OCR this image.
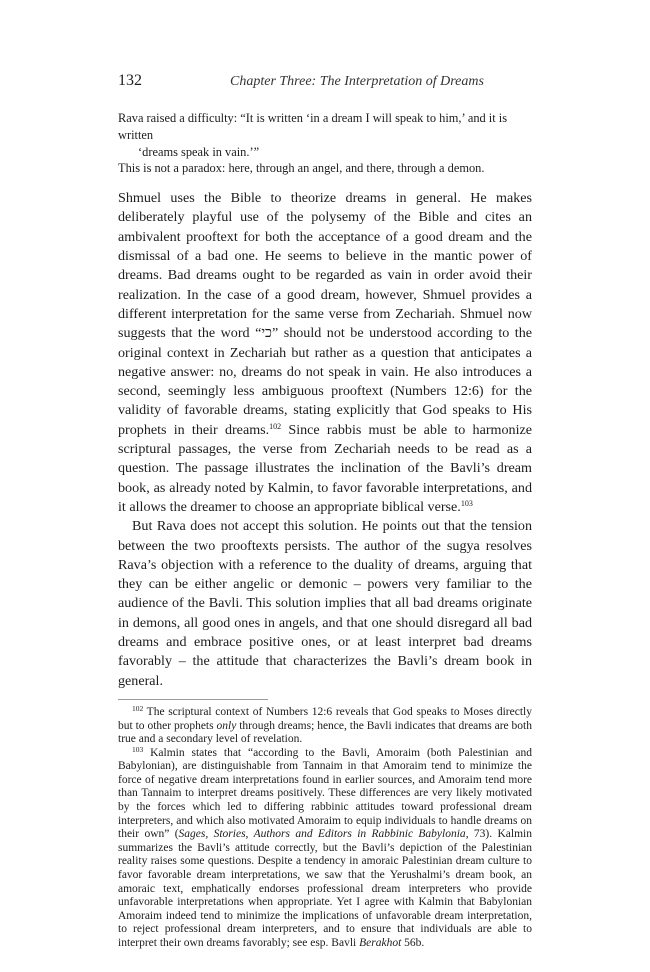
132	Chapter Three: The Interpretation of Dreams

Rava raised a difficulty: “It is written ‘in a dream I will speak to him,’ and it is written

‘dreams speak in vain.’”

This is not a paradox: here, through an angel, and there, through a demon.

Shmuel uses the Bible to theorize dreams in general. He makes deliberately playful use of the polysemy of the Bible and cites an ambivalent prooftext for both the acceptance of a good dream and the dismissal of a bad one. He seems to believe in the mantic power of dreams. Bad dreams ought to be regarded as vain in order avoid their realization. In the case of a good dream, however, Shmuel provides a different interpretation for the same verse from Zechariah. Shmuel now suggests that the word “כי” should not be understood according to the original context in Zechariah but rather as a question that anticipates a negative answer: no, dreams do not speak in vain. He also introduces a second, seemingly less ambiguous prooftext (Numbers 12:6) for the validity of favorable dreams, stating explicitly that God speaks to His prophets in their dreams.$^{102}$ Since rabbis must be able to harmonize scriptural passages, the verse from Zechariah needs to be read as a question. The passage illustrates the inclination of the Bavli’s dream book, as already noted by Kalmin, to favor favorable interpretations, and it allows the dreamer to choose an appropriate biblical verse.$^{103}$

But Rava does not accept this solution. He points out that the tension between the two prooftexts persists. The author of the sugya resolves Rava’s objection with a reference to the duality of dreams, arguing that they can be either angelic or demonic – powers very familiar to the audience of the Bavli. This solution implies that all bad dreams originate in demons, all good ones in angels, and that one should disregard all bad dreams and embrace positive ones, or at least interpret bad dreams favorably – the attitude that characterizes the Bavli’s dream book in general.

$^{102}$ The scriptural context of Numbers 12:6 reveals that God speaks to Moses directly but to other prophets only through dreams; hence, the Bavli indicates that dreams are both true and a secondary level of revelation.

$^{103}$ Kalmin states that “according to the Bavli, Amoraim (both Palestinian and Babylonian), are distinguishable from Tannaim in that Amoraim tend to minimize the force of negative dream interpretations found in earlier sources, and Amoraim tend more than Tannaim to interpret dreams positively. These differences are very likely motivated by the forces which led to differing rabbinic attitudes toward professional dream interpreters, and which also motivated Amoraim to equip individuals to handle dreams on their own” (Sages, Stories, Authors and Editors in Rabbinic Babylonia, 73). Kalmin summarizes the Bavli’s attitude correctly, but the Bavli’s depiction of the Palestinian reality raises some questions. Despite a tendency in amoraic Palestinian dream culture to favor favorable dream interpretations, we saw that the Yerushalmi’s dream book, an amoraic text, emphatically endorses professional dream interpreters who provide unfavorable interpretations when appropriate. Yet I agree with Kalmin that Babylonian Amoraim indeed tend to minimize the implications of unfavorable dream interpretation, to reject professional dream interpreters, and to ensure that individuals are able to interpret their own dreams favorably; see esp. Bavli Berakhot 56b.
